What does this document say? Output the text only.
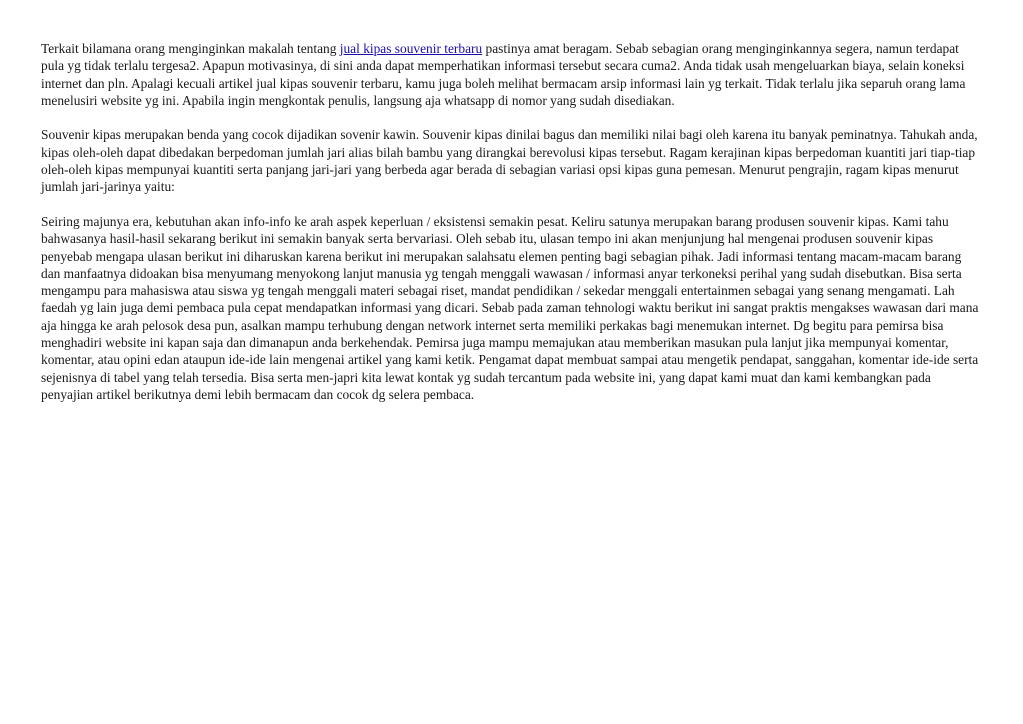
Terkait bilamana orang menginginkan makalah tentang jual kipas souvenir terbaru pastinya amat beragam. Sebab sebagian orang menginginkannya segera, namun terdapat pula yg tidak terlalu tergesa2. Apapun motivasinya, di sini anda dapat memperhatikan informasi tersebut secara cuma2. Anda tidak usah mengeluarkan biaya, selain koneksi internet dan pln. Apalagi kecuali artikel jual kipas souvenir terbaru, kamu juga boleh melihat bermacam arsip informasi lain yg terkait. Tidak terlalu jika separuh orang lama menelusiri website yg ini. Apabila ingin mengkontak penulis, langsung aja whatsapp di nomor yang sudah disediakan.

Souvenir kipas merupakan benda yang cocok dijadikan sovenir kawin. Souvenir kipas dinilai bagus dan memiliki nilai bagi oleh karena itu banyak peminatnya. Tahukah anda, kipas oleh-oleh dapat dibedakan berpedoman jumlah jari alias bilah bambu yang dirangkai berevolusi kipas tersebut. Ragam kerajinan kipas berpedoman kuantiti jari tiap-tiap oleh-oleh kipas mempunyai kuantiti serta panjang jari-jari yang berbeda agar berada di sebagian variasi opsi kipas guna pemesan. Menurut pengrajin, ragam kipas menurut jumlah jari-jarinya yaitu:

Seiring majunya era, kebutuhan akan info-info ke arah aspek keperluan / eksistensi semakin pesat. Keliru satunya merupakan barang produsen souvenir kipas. Kami tahu bahwasanya hasil-hasil sekarang berikut ini semakin banyak serta bervariasi. Oleh sebab itu, ulasan tempo ini akan menjunjung hal mengenai produsen souvenir kipas penyebab mengapa ulasan berikut ini diharuskan karena berikut ini merupakan salahsatu elemen penting bagi sebagian pihak. Jadi informasi tentang macam-macam barang dan manfaatnya didoakan bisa menyumang menyokong lanjut manusia yg tengah menggali wawasan / informasi anyar terkoneksi perihal yang sudah disebutkan. Bisa serta mengampu para mahasiswa atau siswa yg tengah menggali materi sebagai riset, mandat pendidikan / sekedar menggali entertainmen sebagai yang senang mengamati. Lah faedah yg lain juga demi pembaca pula cepat mendapatkan informasi yang dicari. Sebab pada zaman tehnologi waktu berikut ini sangat praktis mengakses wawasan dari mana aja hingga ke arah pelosok desa pun, asalkan mampu terhubung dengan network internet serta memiliki perkakas bagi menemukan internet. Dg begitu para pemirsa bisa menghadiri website ini kapan saja dan dimanapun anda berkehendak. Pemirsa juga mampu memajukan atau memberikan masukan pula lanjut jika mempunyai komentar, komentar, atau opini edan ataupun ide-ide lain mengenai artikel yang kami ketik. Pengamat dapat membuat sampai atau mengetik pendapat, sanggahan, komentar ide-ide serta sejenisnya di tabel yang telah tersedia. Bisa serta men-japri kita lewat kontak yg sudah tercantum pada website ini, yang dapat kami muat dan kami kembangkan pada penyajian artikel berikutnya demi lebih bermacam dan cocok dg selera pembaca.
